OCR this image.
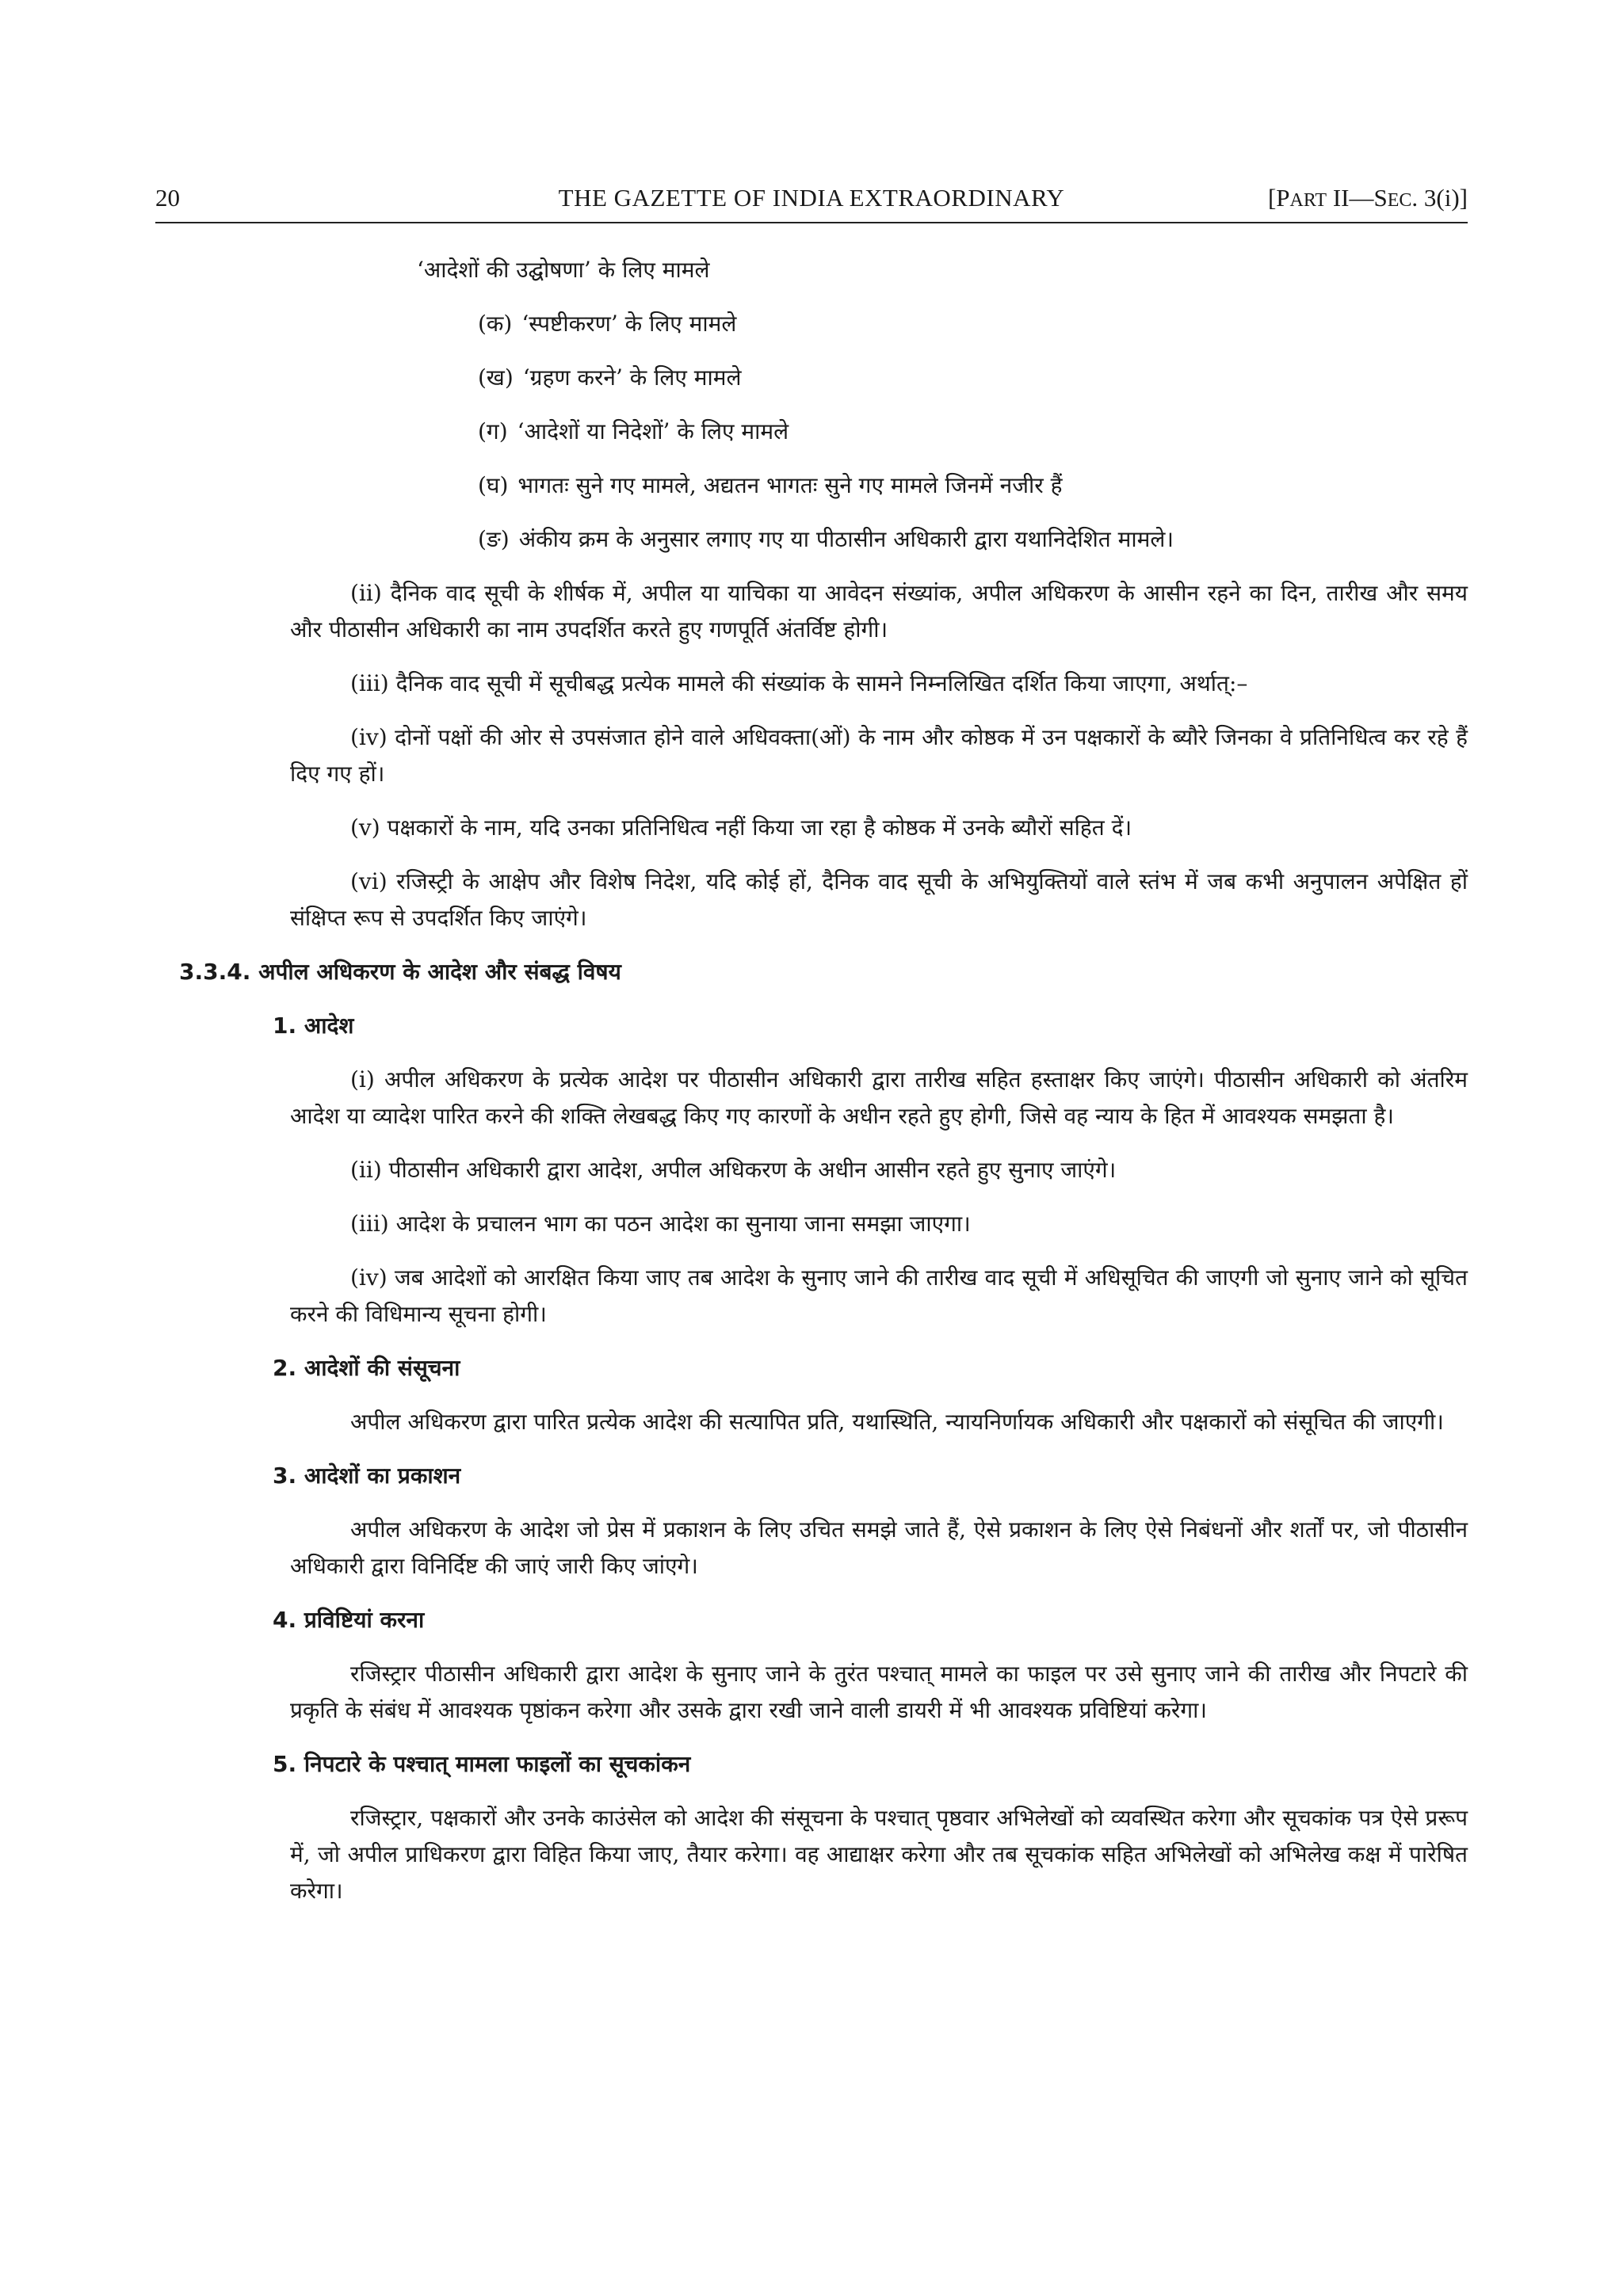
20	THE GAZETTE OF INDIA EXTRAORDINARY	[PART II—SEC. 3(i)]
‘आदेशों की उद्घोषणा’ के लिए मामले
(क) ‘स्पष्टीकरण’ के लिए मामले
(ख) ‘ग्रहण करने’ के लिए मामले
(ग) ‘आदेशों या निदेशों’ के लिए मामले
(घ) भागतः सुने गए मामले, अद्यतन भागतः सुने गए मामले जिनमें नजीर हैं
(ङ) अंकीय क्रम के अनुसार लगाए गए या पीठासीन अधिकारी द्वारा यथानिदेशित मामले।

(ii) दैनिक वाद सूची के शीर्षक में, अपील या याचिका या आवेदन संख्यांक, अपील अधिकरण के आसीन रहने का दिन, तारीख और समय और पीठासीन अधिकारी का नाम उपदर्शित करते हुए गणपूर्ति अंतर्विष्ट होगी।

(iii) दैनिक वाद सूची में सूचीबद्ध प्रत्येक मामले की संख्यांक के सामने निम्नलिखित दर्शित किया जाएगा, अर्थात्:–

(iv) दोनों पक्षों की ओर से उपसंजात होने वाले अधिवक्ता(ओं) के नाम और कोष्ठक में उन पक्षकारों के ब्यौरे जिनका वे प्रतिनिधित्व कर रहे हैं दिए गए हों।

(v) पक्षकारों के नाम, यदि उनका प्रतिनिधित्व नहीं किया जा रहा है कोष्ठक में उनके ब्यौरों सहित दें।

(vi) रजिस्ट्री के आक्षेप और विशेष निदेश, यदि कोई हों, दैनिक वाद सूची के अभियुक्तियों वाले स्तंभ में जब कभी अनुपालन अपेक्षित हों संक्षिप्त रूप से उपदर्शित किए जाएंगे।

3.3.4. अपील अधिकरण के आदेश और संबद्ध विषय
1. आदेश

(i) अपील अधिकरण के प्रत्येक आदेश पर पीठासीन अधिकारी द्वारा तारीख सहित हस्ताक्षर किए जाएंगे। पीठासीन अधिकारी को अंतरिम आदेश या व्यादेश पारित करने की शक्ति लेखबद्ध किए गए कारणों के अधीन रहते हुए होगी, जिसे वह न्याय के हित में आवश्यक समझता है।

(ii) पीठासीन अधिकारी द्वारा आदेश, अपील अधिकरण के अधीन आसीन रहते हुए सुनाए जाएंगे।

(iii) आदेश के प्रचालन भाग का पठन आदेश का सुनाया जाना समझा जाएगा।

(iv) जब आदेशों को आरक्षित किया जाए तब आदेश के सुनाए जाने की तारीख वाद सूची में अधिसूचित की जाएगी जो सुनाए जाने को सूचित करने की विधिमान्य सूचना होगी।

2. आदेशों की संसूचना

अपील अधिकरण द्वारा पारित प्रत्येक आदेश की सत्यापित प्रति, यथास्थिति, न्यायनिर्णायक अधिकारी और पक्षकारों को संसूचित की जाएगी।

3. आदेशों का प्रकाशन

अपील अधिकरण के आदेश जो प्रेस में प्रकाशन के लिए उचित समझे जाते हैं, ऐसे प्रकाशन के लिए ऐसे निबंधनों और शर्तों पर, जो पीठासीन अधिकारी द्वारा विनिर्दिष्ट की जाएं जारी किए जांएगे।

4. प्रविष्टियां करना

रजिस्ट्रार पीठासीन अधिकारी द्वारा आदेश के सुनाए जाने के तुरंत पश्चात् मामले का फाइल पर उसे सुनाए जाने की तारीख और निपटारे की प्रकृति के संबंध में आवश्यक पृष्ठांकन करेगा और उसके द्वारा रखी जाने वाली डायरी में भी आवश्यक प्रविष्टियां करेगा।

5. निपटारे के पश्चात् मामला फाइलों का सूचकांकन

रजिस्ट्रार, पक्षकारों और उनके काउंसेल को आदेश की संसूचना के पश्चात् पृष्ठवार अभिलेखों को व्यवस्थित करेगा और सूचकांक पत्र ऐसे प्ररूप में, जो अपील प्राधिकरण द्वारा विहित किया जाए, तैयार करेगा। वह आद्याक्षर करेगा और तब सूचकांक सहित अभिलेखों को अभिलेख कक्ष में पारेषित करेगा।
